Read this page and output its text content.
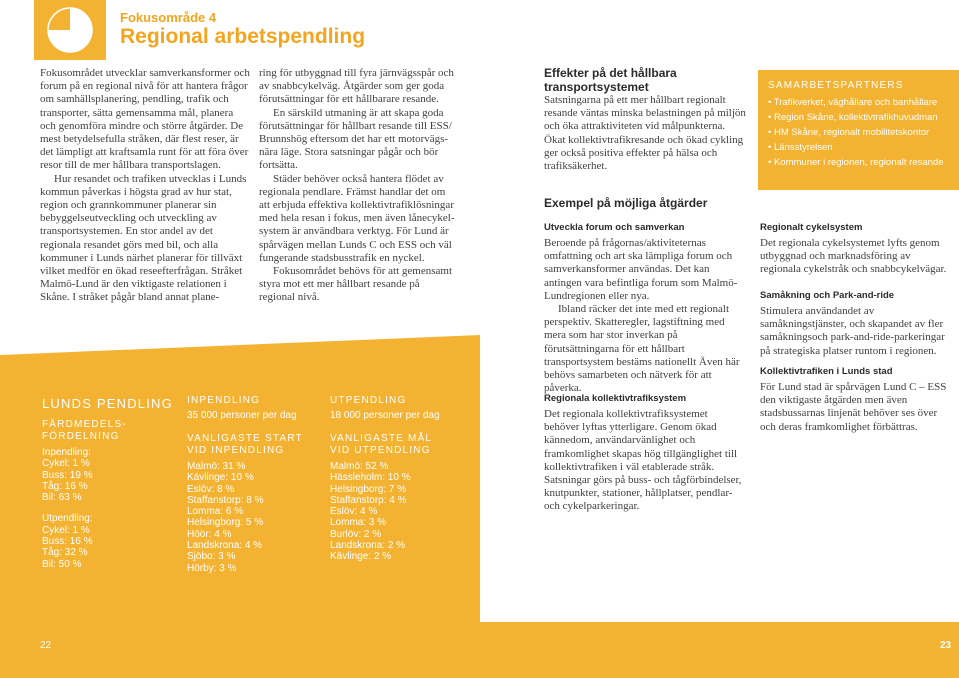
Fokusområde 4
Regional arbetspendling

Fokusområdet utvecklar samverkansformer och forum på en regional nivå för att hantera frågor om samhällsplanering, pendling, trafik och transporter, sätta gemensamma mål, planera och genomföra mindre och större åtgärder. De mest betydelsefulla stråken, där flest reser, är det lämpligt att kraftsamla runt för att föra över resor till de mer hållbara transportslagen.

Hur resandet och trafiken utvecklas i Lunds kommun påverkas i högsta grad av hur stat, region och grannkommuner planerar sin bebyggelseutveckling och utveckling av transportsystemen. En stor andel av det regionala resandet görs med bil, och alla kommuner i Lunds närhet planerar för tillväxt vilket medför en ökad reseefterfrågan. Stråket Malmö-Lund är den viktigaste relationen i Skåne. I stråket pågår bland annat plane-

ring för utbyggnad till fyra järnvägsspår och av snabbcykelväg. Åtgärder som ger goda förutsättningar för ett hållbarare resande.

En särskild utmaning är att skapa goda förutsättningar för hållbart resande till ESS/ Brunnshög eftersom det har ett motorvägs-nära läge. Stora satsningar pågår och bör fortsätta.

Städer behöver också hantera flödet av regionala pendlare. Främst handlar det om att erbjuda effektiva kollektivtrafiklösningar med hela resan i fokus, men även lånecykel-system är användbara verktyg. För Lund är spårvägen mellan Lunds C och ESS och väl fungerande stadsbusstrafik en nyckel.

Fokusområdet behövs för att gemensamt styra mot ett mer hållbart resande på regional nivå.

LUNDS PENDLING
FÄRDMEDELS-
FÖRDELNING
Inpendling:
Cykel: 1 %
Buss: 19 %
Tåg: 16 %
Bil: 63 %
Utpendling:
Cykel: 1 %
Buss: 16 %
Tåg: 32 %
Bil: 50 %
INPENDLING
35 000 personer per dag
VANLIGASTE START
VID INPENDLING
Malmö: 31 %
Kävlinge: 10 %
Eslöv: 8 %
Staffanstorp: 8 %
Lomma: 6 %
Helsingborg: 5 %
Höör: 4 %
Landskrona: 4 %
Sjöbo: 3 %
Hörby: 3 %
UTPENDLING
18 000 personer per dag
VANLIGASTE MÅL
VID UTPENDLING
Malmö: 52 %
Hässleholm: 10 %
Helsingborg: 7 %
Staffanstorp: 4 %
Eslöv: 4 %
Lomma: 3 %
Burlöv: 2 %
Landskrona: 2 %
Kävlinge: 2 %
22
SAMARBETSPARTNERS
• Trafikverket, väghållare och banhållare
• Region Skåne, kollektivtrafikhuvudman
• HM Skåne, regionalt mobilitetskontor
• Länsstyrelsen
• Kommuner i regionen, regionalt resande
Effekter på det hållbara transportsystemet
Satsningarna på ett mer hållbart regionalt resande väntas minska belastningen på miljön och öka attraktiviteten vid målpunkterna. Ökat kollektivtrafikresande och ökad cykling ger också positiva effekter på hälsa och trafiksäkerhet.
Exempel på möjliga åtgärder
Utveckla forum och samverkan

Beroende på frågornas/aktiviteternas omfattning och art ska lämpliga forum och samverkansformer användas. Det kan antingen vara befintliga forum som Malmö-Lundregionen eller nya.

Ibland räcker det inte med ett regionalt perspektiv. Skatteregler, lagstiftning med mera som har stor inverkan på förutsättningarna för ett hållbart transportsystem bestäms nationellt Även här behövs samarbeten och nätverk för att påverka.

Regionala kollektivtrafiksystem
Det regionala kollektivtrafiksystemet behöver lyftas ytterligare. Genom ökad kännedom, användarvänlighet och framkomlighet skapas hög tillgänglighet till kollektivtrafiken i väl etablerade stråk. Satsningar görs på buss- och tågförbindelser, knutpunkter, stationer, hållplatser, pendlar- och cykelparkeringar.
Regionalt cykelsystem
Det regionala cykelsystemet lyfts genom utbyggnad och marknadsföring av regionala cykelstråk och snabbcykelvägar.
Samåkning och Park-and-ride
Stimulera användandet av samåkningstjänster, och skapandet av fler samåkningsoch park-and-ride-parkeringar på strategiska platser runtom i regionen.
Kollektivtrafiken i Lunds stad
För Lund stad är spårvägen Lund C – ESS den viktigaste åtgärden men även stadsbussarnas linjenät behöver ses över och deras framkomlighet förbättras.
23
